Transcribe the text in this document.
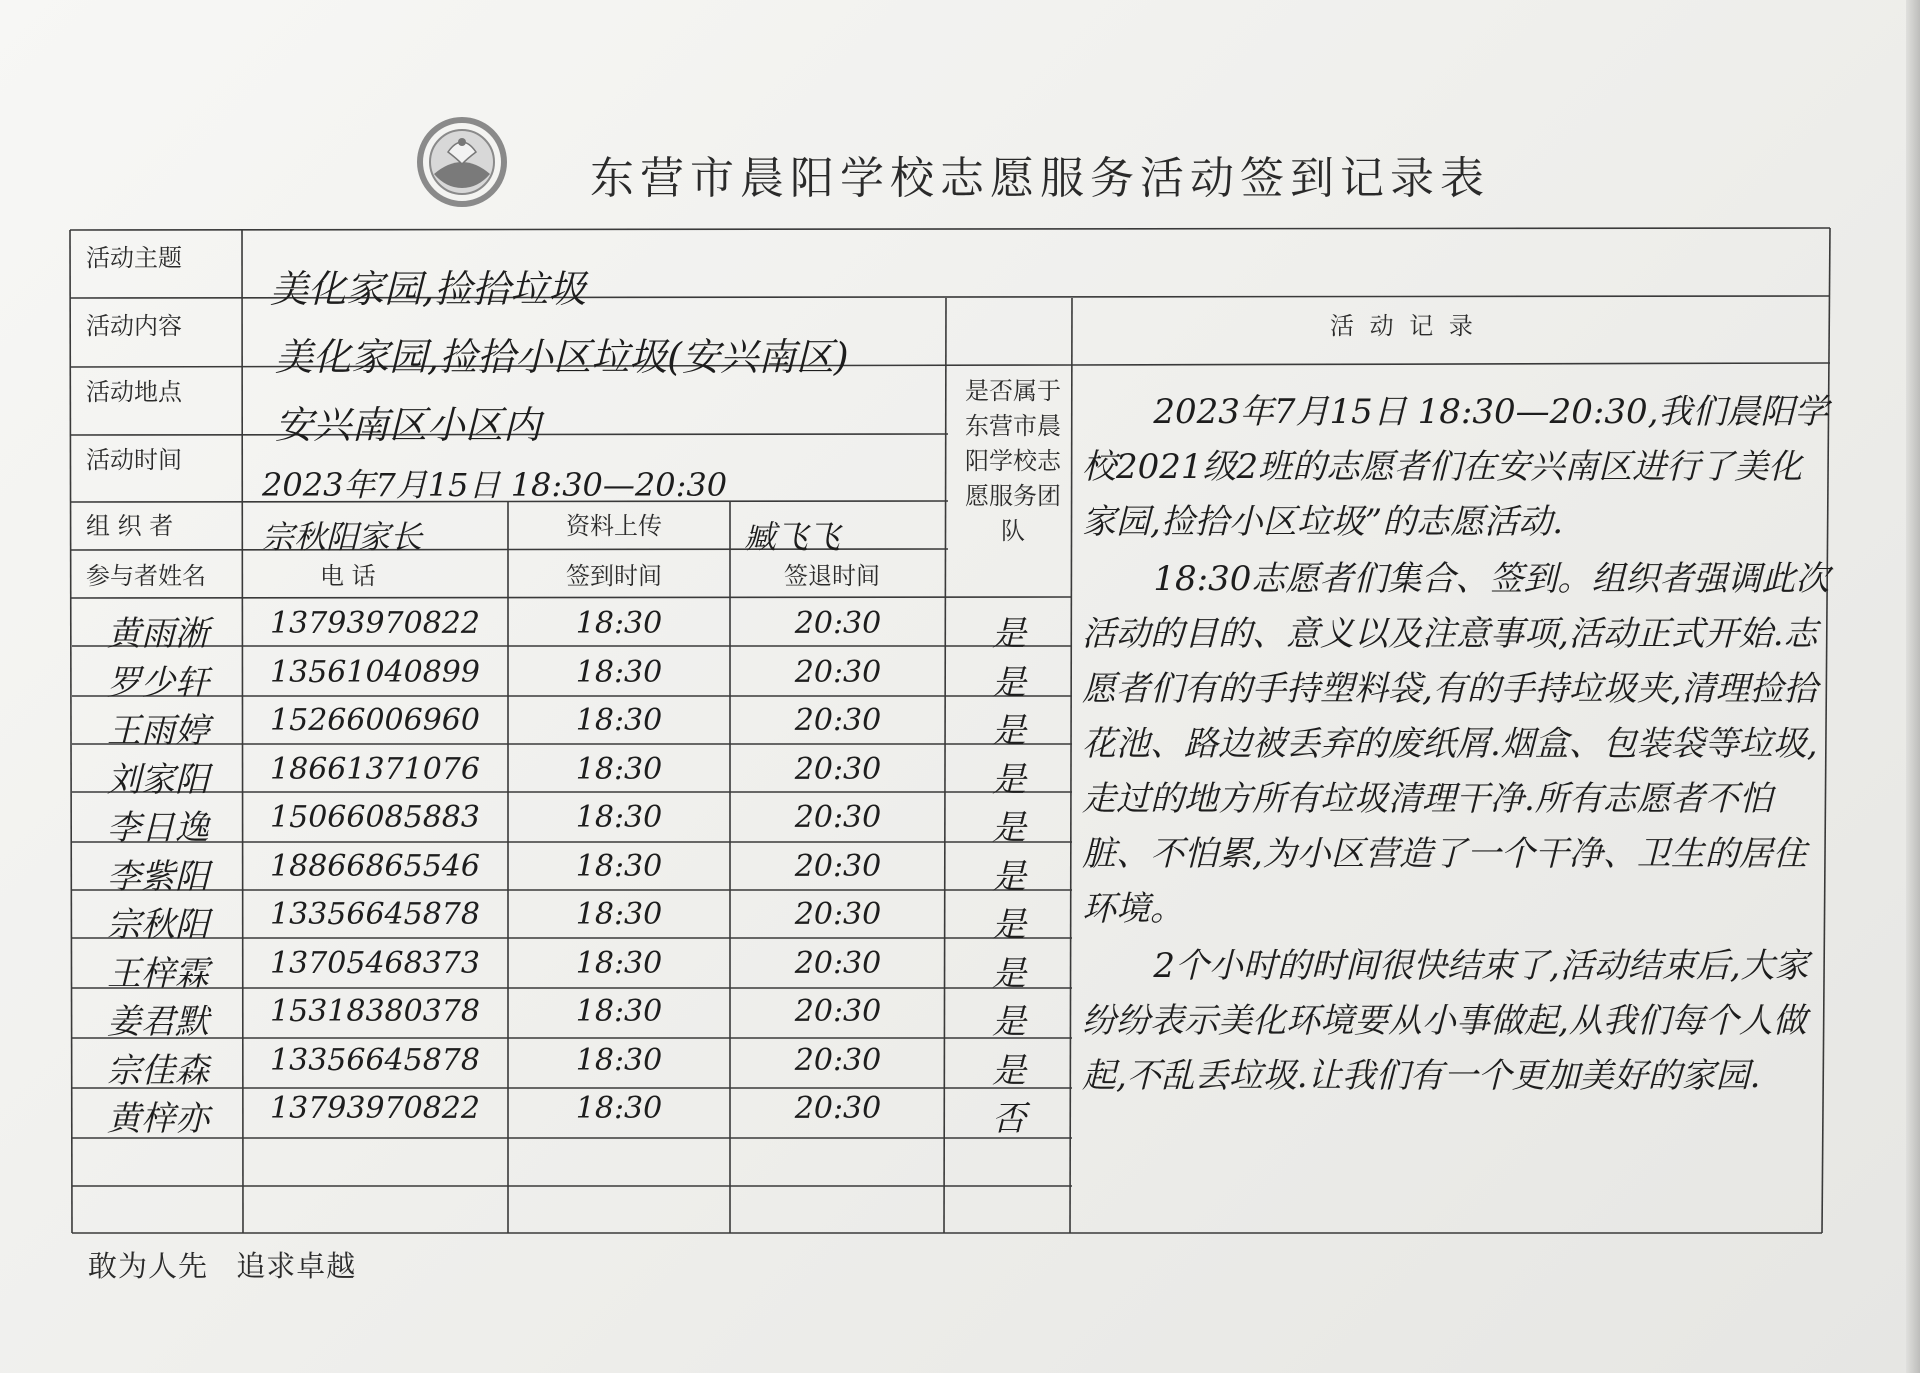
东营市晨阳学校志愿服务活动签到记录表
活动主题
美化家园,捡拾垃圾
活动内容
美化家园,捡拾小区垃圾(安兴南区)
活动地点
安兴南区小区内
活动时间
2023年7月15日 18:30—20:30
组 织 者	宗秋阳家长	资料上传	臧飞飞
参与者姓名	电 话	签到时间	签退时间
是否属于
东营市晨
阳学校志
愿服务团
队
活 动 记 录
黄雨淅	13793970822	18:30	20:30	是
罗少轩	13561040899	18:30	20:30	是
王雨婷	15266006960	18:30	20:30	是
刘家阳	18661371076	18:30	20:30	是
李日逸	15066085883	18:30	20:30	是
李紫阳	18866865546	18:30	20:30	是
宗秋阳	13356645878	18:30	20:30	是
王梓霖	13705468373	18:30	20:30	是
姜君默	15318380378	18:30	20:30	是
宗佳森	13356645878	18:30	20:30	是
黄梓亦	13793970822	18:30	20:30	否

2023年7月15日 18:30—20:30,我们晨阳学校2021级2班的志愿者们在安兴南区进行了美化家园,捡拾小区垃圾”的志愿活动.

18:30志愿者们集合、签到。组织者强调此次活动的目的、意义以及注意事项,活动正式开始.志愿者们有的手持塑料袋,有的手持垃圾夹,清理捡拾花池、路边被丢弃的废纸屑.烟盒、包装袋等垃圾,走过的地方所有垃圾清理干净.所有志愿者不怕脏、不怕累,为小区营造了一个干净、卫生的居住环境。

2个小时的时间很快结束了,活动结束后,大家纷纷表示美化环境要从小事做起,从我们每个人做起,不乱丢垃圾.让我们有一个更加美好的家园.

敢为人先 追求卓越
